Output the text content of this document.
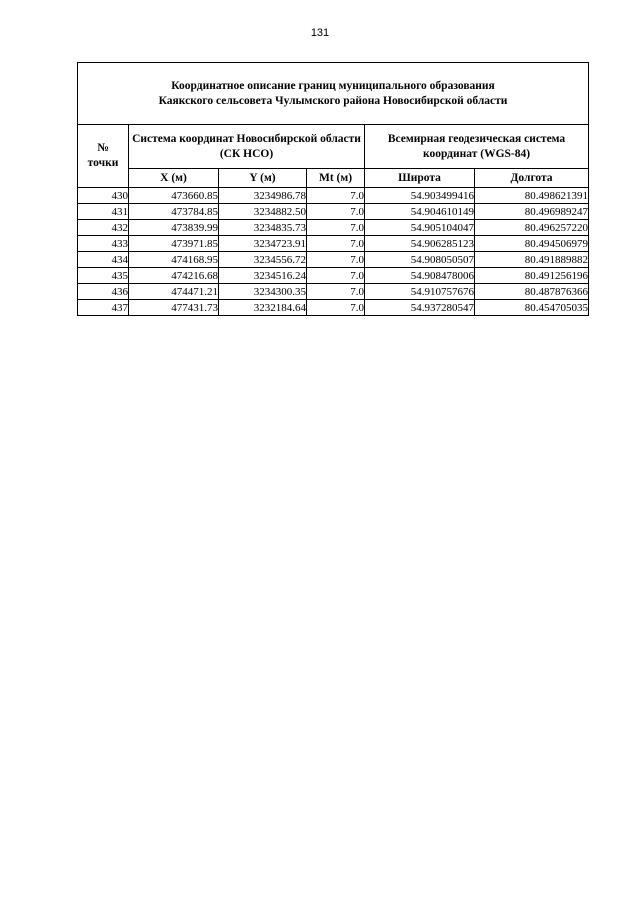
131
Координатное описание границ муниципального образования
Каякского сельсовета Чулымского района Новосибирской области					

№
точки	Система координат Новосибирской области (СК НСО)			Всемирная геодезическая система координат (WGS-84)	
	X (м)	Y (м)	Mt (м)	Широта	Долгота
430	473660.85	3234986.78	7.0	54.903499416	80.498621391
431	473784.85	3234882.50	7.0	54.904610149	80.496989247
432	473839.99	3234835.73	7.0	54.905104047	80.496257220
433	473971.85	3234723.91	7.0	54.906285123	80.494506979
434	474168.95	3234556.72	7.0	54.908050507	80.491889882
435	474216.68	3234516.24	7.0	54.908478006	80.491256196
436	474471.21	3234300.35	7.0	54.910757676	80.487876366
437	477431.73	3232184.64	7.0	54.937280547	80.454705035
